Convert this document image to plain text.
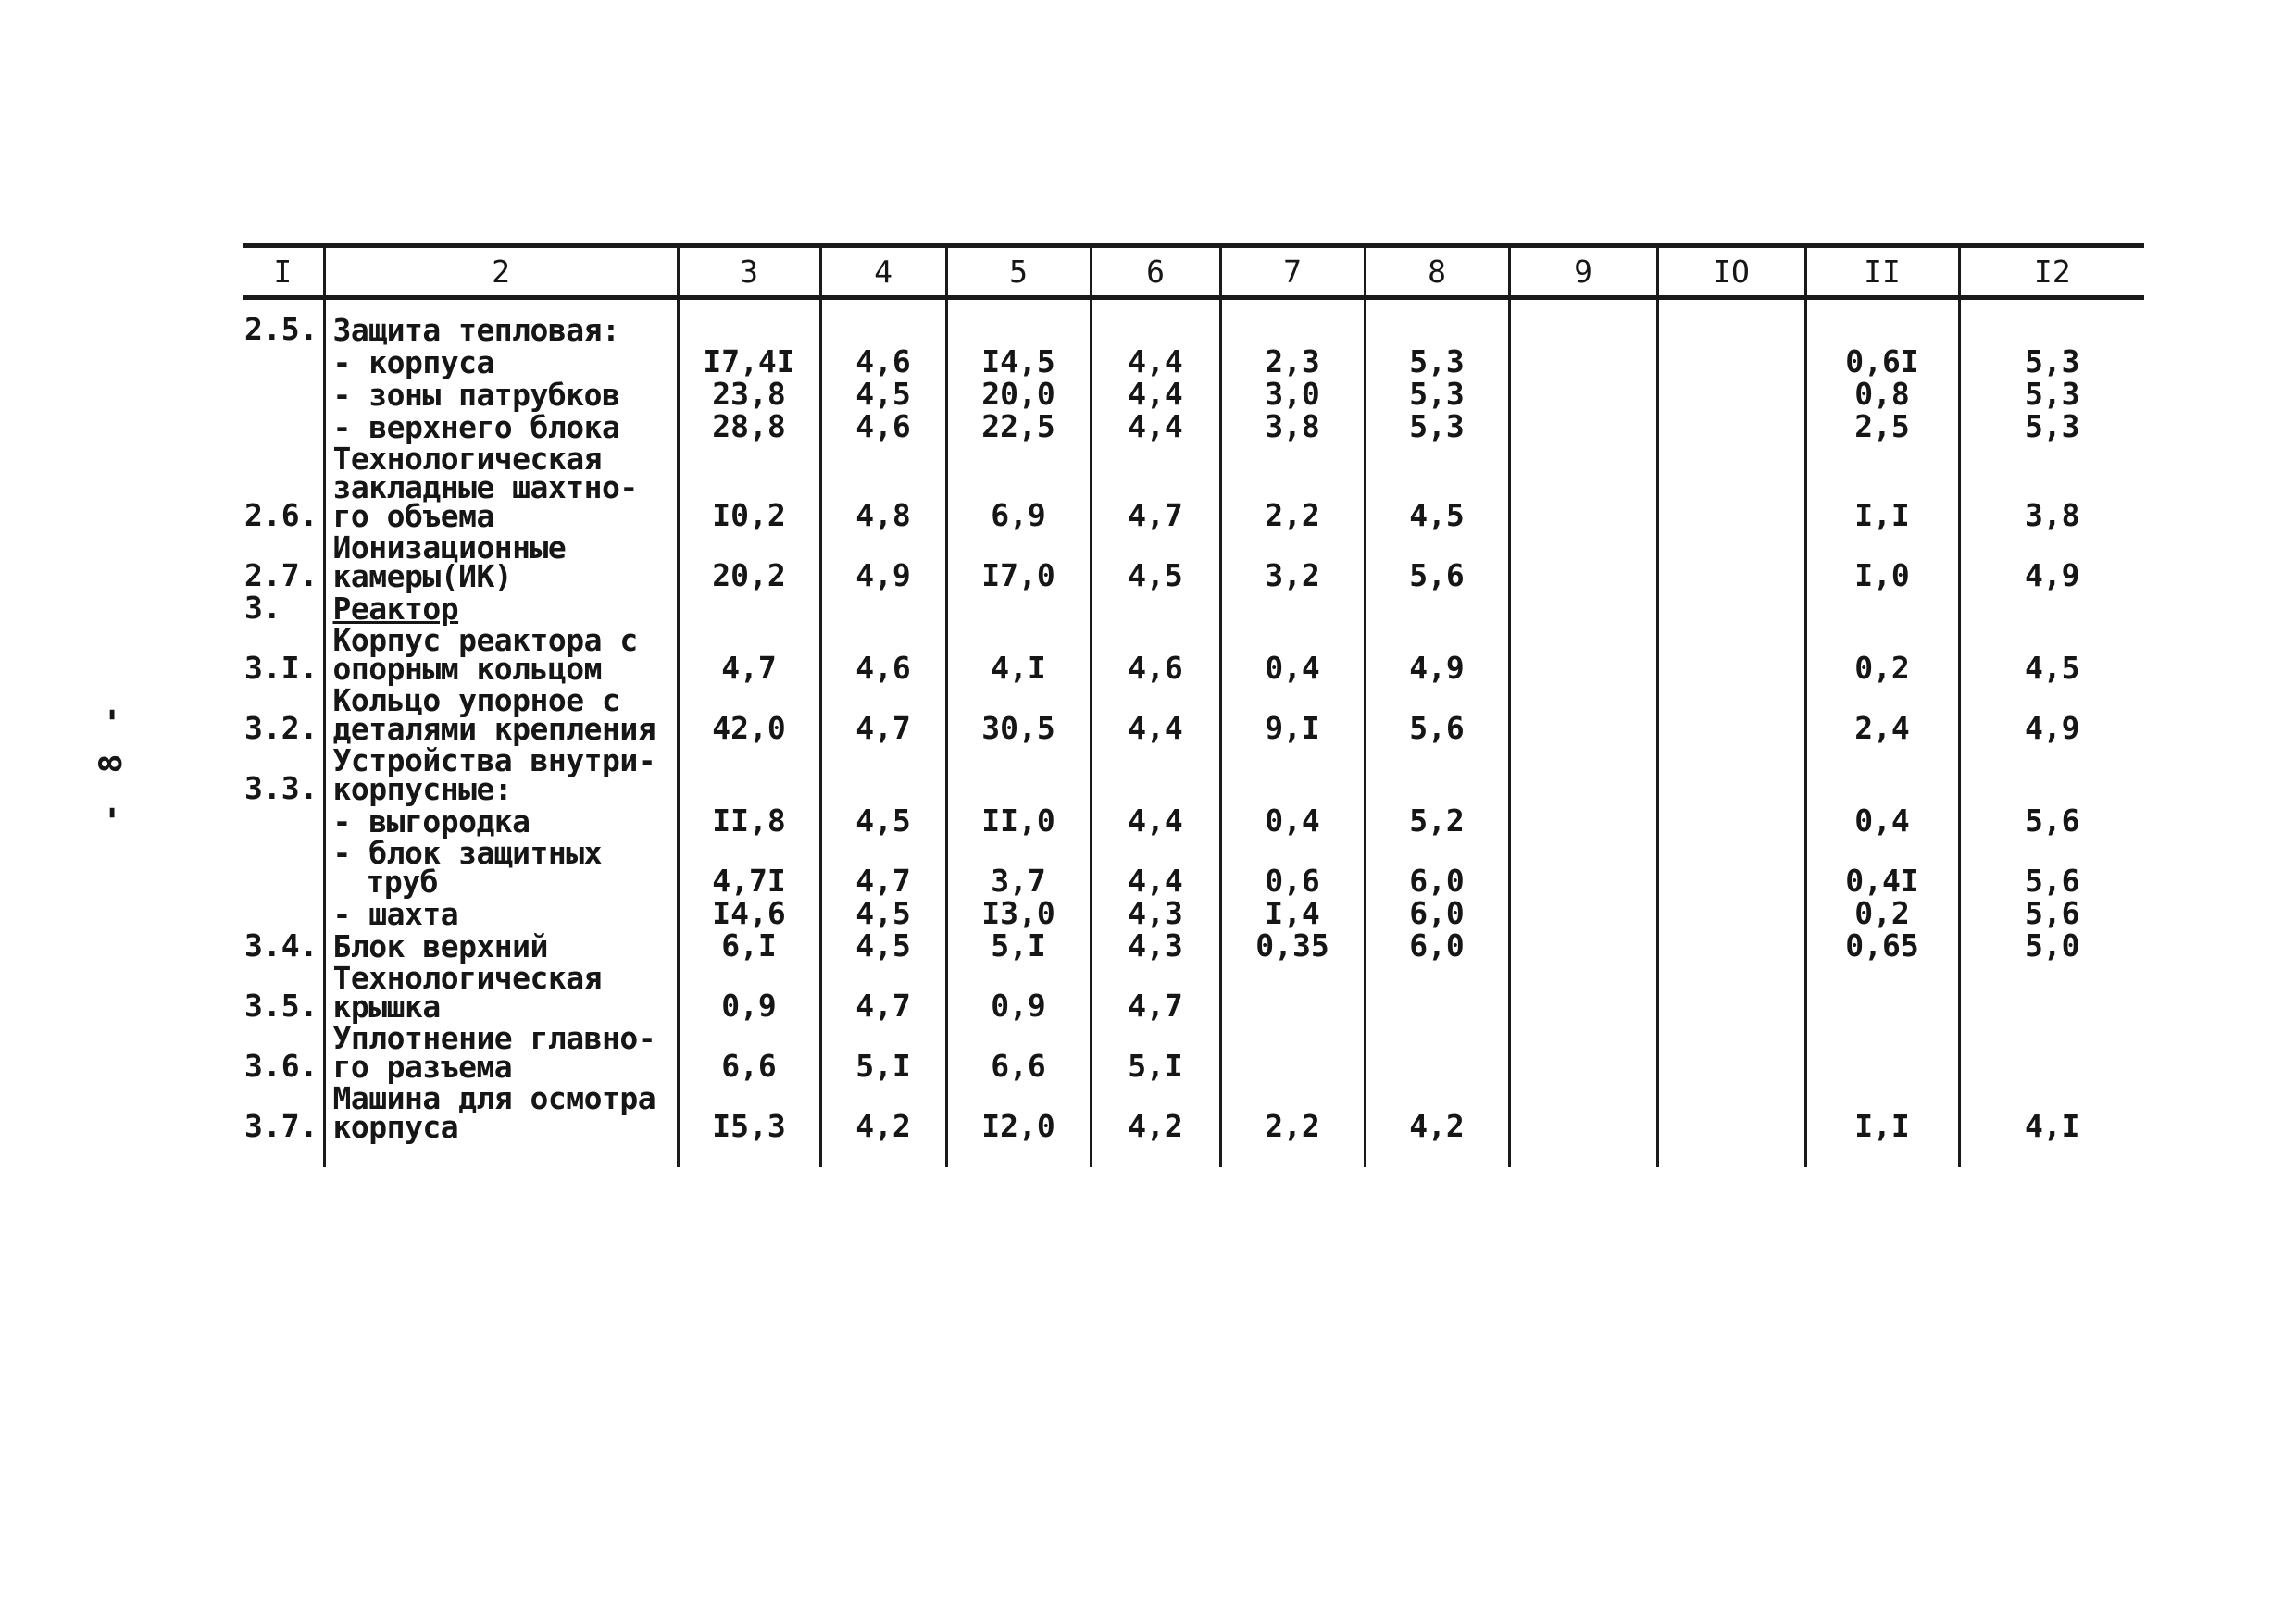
- 8 -
I	2	3	4	5	6	7	8	9	IO	II	I2
2.5.	Защита тепловая:										

	- корпуса	I7,4I	4,6	I4,5	4,4	2,3	5,3			0,6I	5,3

	- зоны патрубков	23,8	4,5	20,0	4,4	3,0	5,3			0,8	5,3

	- верхнего блока	28,8	4,6	22,5	4,4	3,8	5,3			2,5	5,3
2.6.	Технологическая
закладные шахтно-
го объема	I0,2	4,8	6,9	4,7	2,2	4,5			I,I	3,8
2.7.	Ионизационные
камеры(ИК)	20,2	4,9	I7,0	4,5	3,2	5,6			I,0	4,9
3.	Реактор										

3.I.	Корпус реактора с
опорным кольцом	4,7	4,6	4,I	4,6	0,4	4,9			0,2	4,5
3.2.	Кольцо упорное с
деталями крепления	42,0	4,7	30,5	4,4	9,I	5,6			2,4	4,9
3.3.	Устройства внутри-
корпусные:										

	- выгородка	II,8	4,5	II,0	4,4	0,4	5,2			0,4	5,6

	- блок защитных
труб	4,7I	4,7	3,7	4,4	0,6	6,0			0,4I	5,6

	- шахта	I4,6	4,5	I3,0	4,3	I,4	6,0			0,2	5,6
3.4.	Блок верхний	6,I	4,5	5,I	4,3	0,35	6,0			0,65	5,0
3.5.	Технологическая
крышка	0,9	4,7	0,9	4,7						
3.6.	Уплотнение главно-
го разъема	6,6	5,I	6,6	5,I						
3.7.	Машина для осмотра
корпуса	I5,3	4,2	I2,0	4,2	2,2	4,2			I,I	4,I
